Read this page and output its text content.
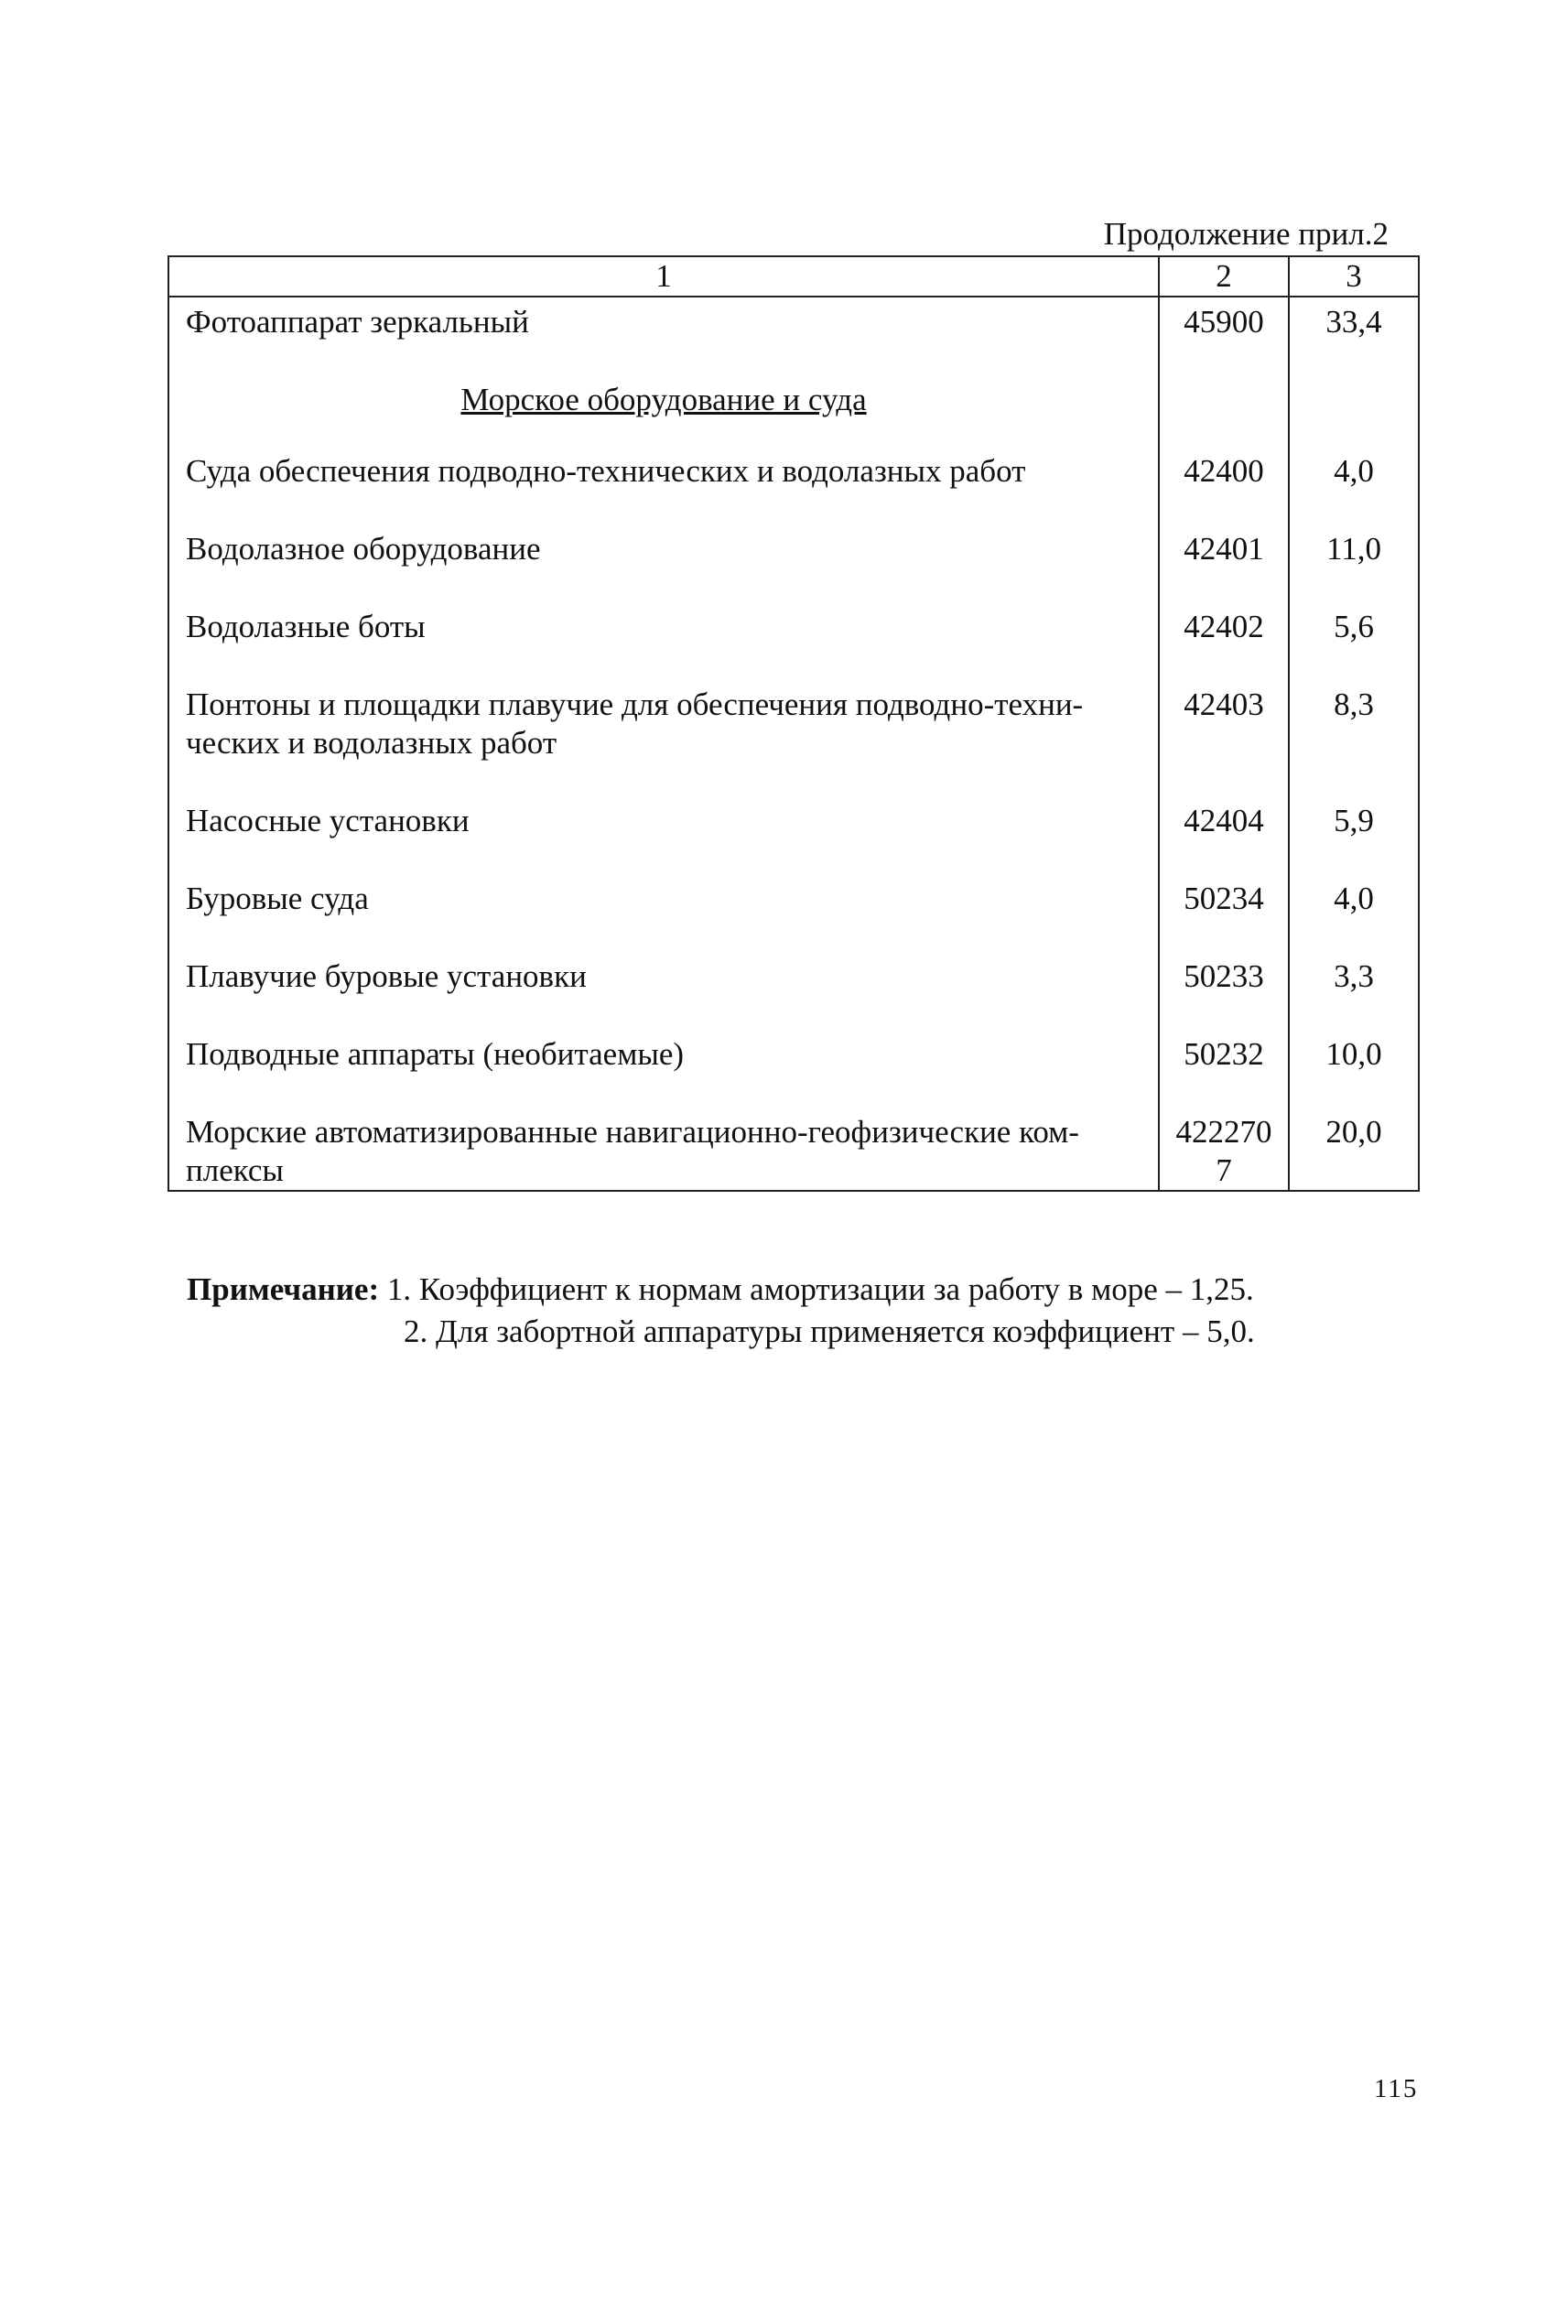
Продолжение прил.2
1	2	3
Фотоаппарат зеркальный	45900	33,4
Морское оборудование и суда		
Суда обеспечения подводно-технических и водолазных работ	42400	4,0
Водолазное оборудование	42401	11,0
Водолазные боты	42402	5,6
Понтоны и площадки плавучие для обеспечения подводно-техни-ческих и водолазных работ	42403	8,3
Насосные установки	42404	5,9
Буровые суда	50234	4,0
Плавучие буровые установки	50233	3,3
Подводные аппараты (необитаемые)	50232	10,0
Морские автоматизированные навигационно-геофизические ком-плексы	4222707	20,0
Примечание: 1. Коэффициент к нормам амортизации за работу в море – 1,25.
2. Для забортной аппаратуры применяется коэффициент – 5,0.
115
